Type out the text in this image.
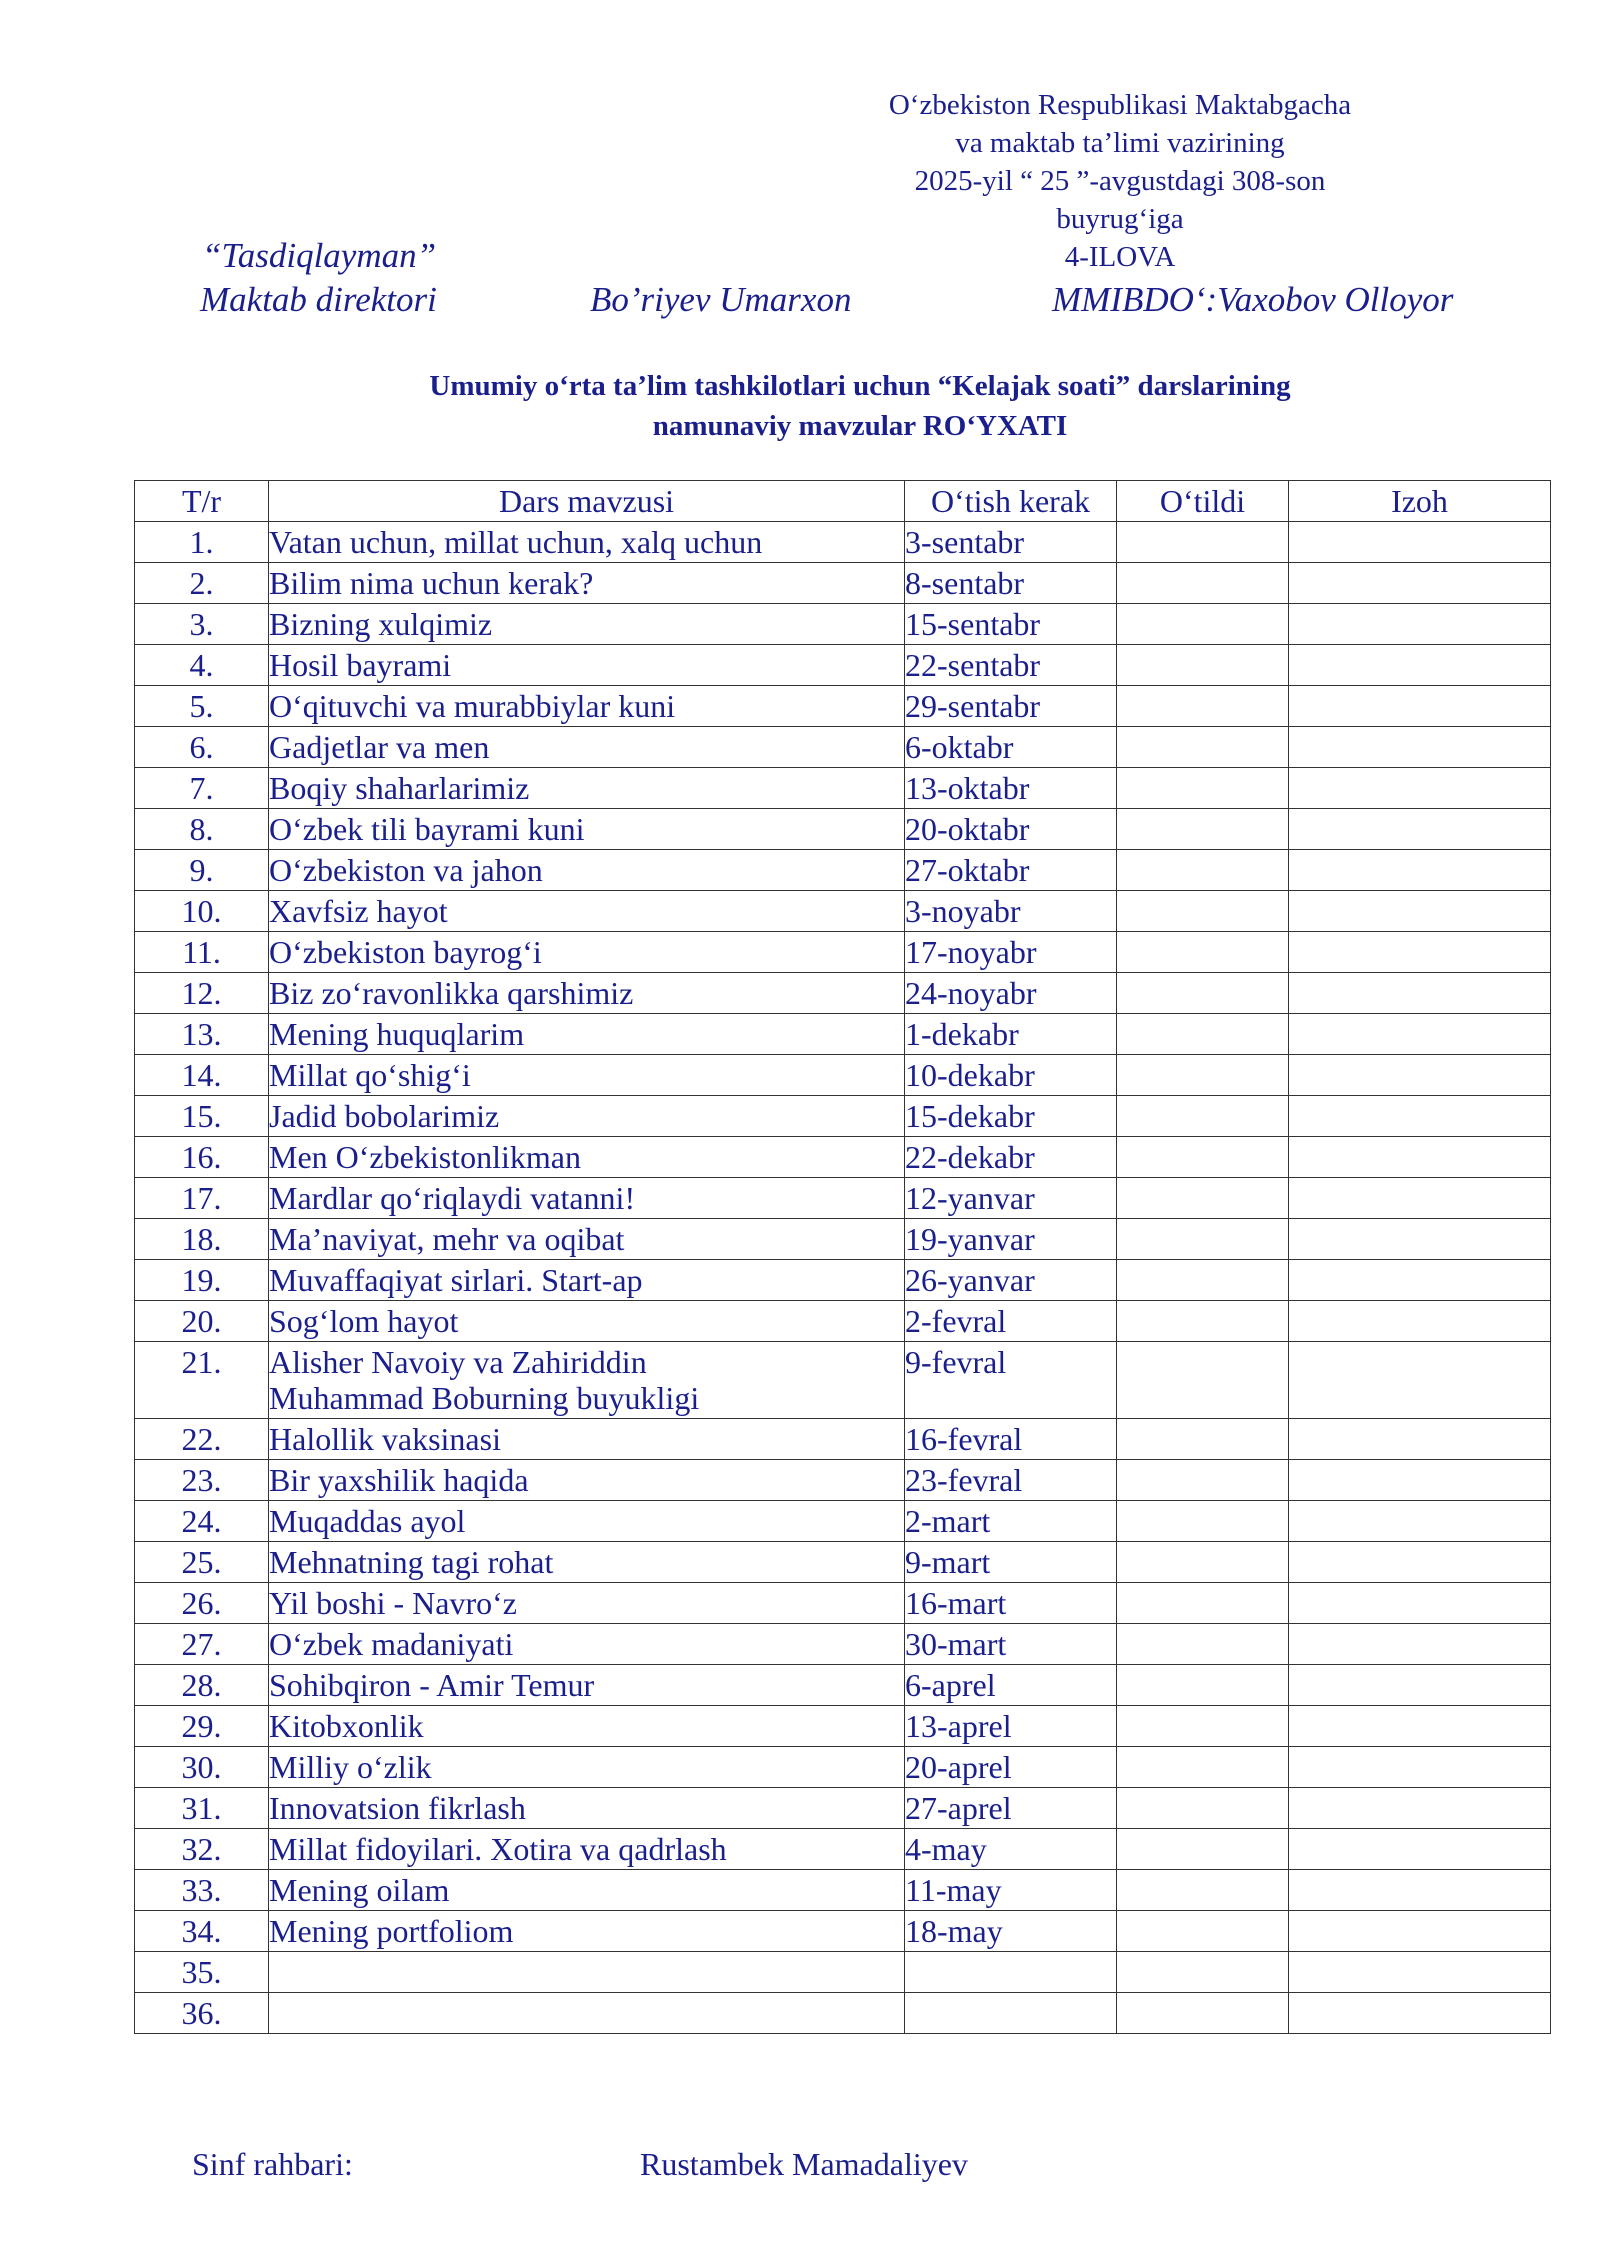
O‘zbekiston Respublikasi Maktabgacha
va maktab ta’limi vazirining
2025-yil “ 25 ”-avgustdagi 308-son buyrug‘iga
4-ILOVA
“Tasdiqlayman”
Maktab direktori	Bo’riyev Umarxon	MMIBDO‘:Vaxobov Olloyor
Umumiy o‘rta ta’lim tashkilotlari uchun “Kelajak soati” darslarining
namunaviy mavzular RO‘YXATI
T/r	Dars mavzusi	O‘tish kerak	O‘tildi	Izoh
1.	Vatan uchun, millat uchun, xalq uchun	3-sentabr		
2.	Bilim nima uchun kerak?	8-sentabr		
3.	Bizning xulqimiz	15-sentabr		
4.	Hosil bayrami	22-sentabr		
5.	O‘qituvchi va murabbiylar kuni	29-sentabr		
6.	Gadjetlar va men	6-oktabr		
7.	Boqiy shaharlarimiz	13-oktabr		
8.	O‘zbek tili bayrami kuni	20-oktabr		
9.	O‘zbekiston va jahon	27-oktabr		
10.	Xavfsiz hayot	3-noyabr		
11.	O‘zbekiston bayrog‘i	17-noyabr		
12.	Biz zo‘ravonlikka qarshimiz	24-noyabr		
13.	Mening huquqlarim	1-dekabr		
14.	Millat qo‘shig‘i	10-dekabr		
15.	Jadid bobolarimiz	15-dekabr		
16.	Men O‘zbekistonlikman	22-dekabr		
17.	Mardlar qo‘riqlaydi vatanni!	12-yanvar		
18.	Ma’naviyat, mehr va oqibat	19-yanvar		
19.	Muvaffaqiyat sirlari. Start-ap	26-yanvar		
20.	Sog‘lom hayot	2-fevral		
21.	Alisher Navoiy va Zahiriddin
Muhammad Boburning buyukligi	9-fevral		
22.	Halollik vaksinasi	16-fevral		
23.	Bir yaxshilik haqida	23-fevral		
24.	Muqaddas ayol	2-mart		
25.	Mehnatning tagi rohat	9-mart		
26.	Yil boshi - Navro‘z	16-mart		
27.	O‘zbek madaniyati	30-mart		
28.	Sohibqiron - Amir Temur	6-aprel		
29.	Kitobxonlik	13-aprel		
30.	Milliy o‘zlik	20-aprel		
31.	Innovatsion fikrlash	27-aprel		
32.	Millat fidoyilari. Xotira va qadrlash	4-may		
33.	Mening oilam	11-may		
34.	Mening portfoliom	18-may		
35.				
36.				
Sinf rahbari:	Rustambek Mamadaliyev
